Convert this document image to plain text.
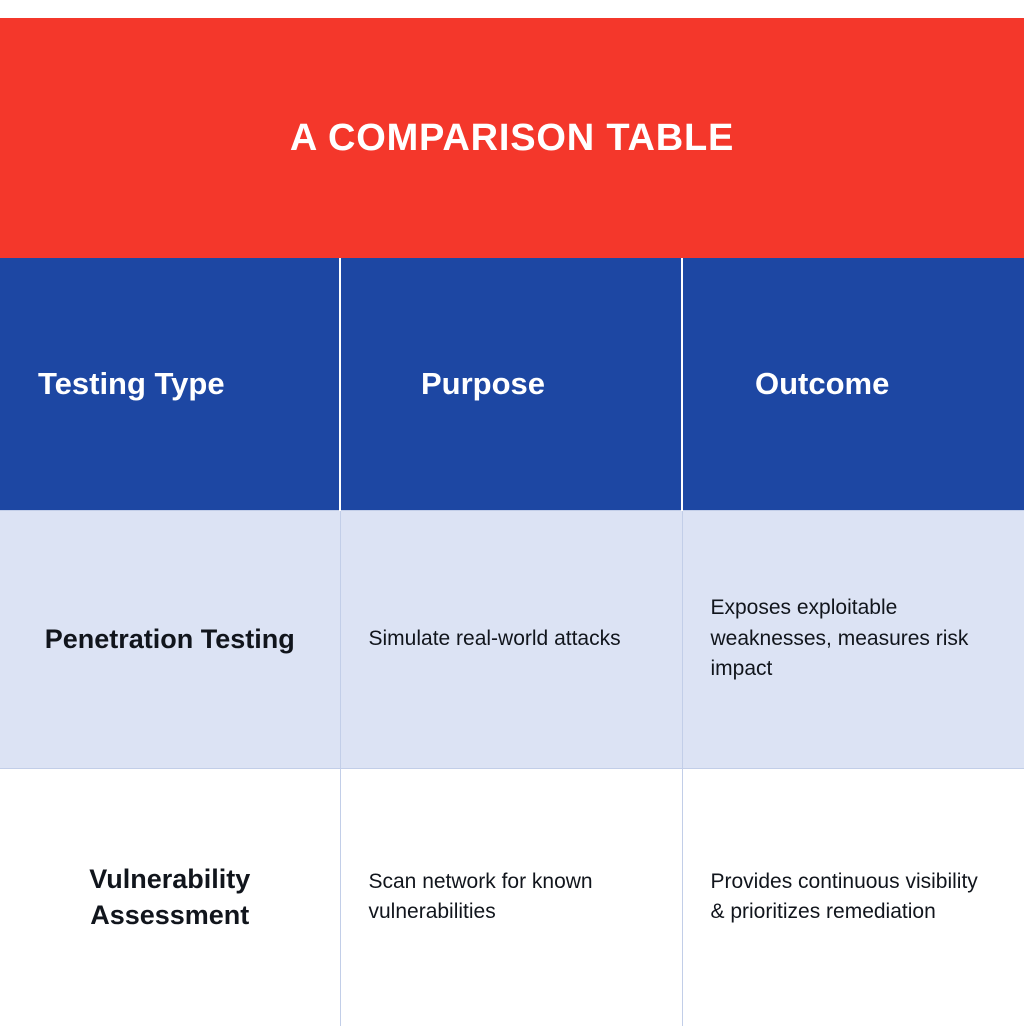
A COMPARISON TABLE
Testing Type	Purpose	Outcome
Penetration Testing	Simulate real-world attacks	Exposes exploitable weaknesses, measures risk impact
Vulnerability Assessment	Scan network for known vulnerabilities	Provides continuous visibility & prioritizes remediation
